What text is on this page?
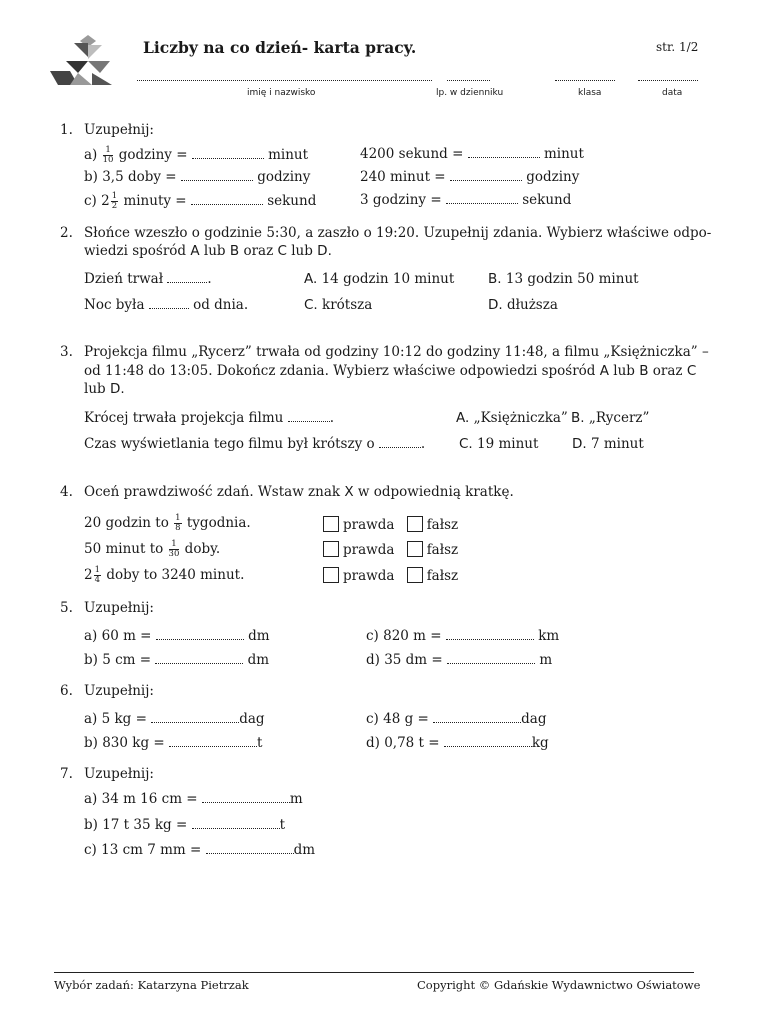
Liczby na co dzień- karta pracy.	str. 1/2
imię i nazwisko	lp. w dzienniku	klasa	data
1. Uzupełnij:
$a) \frac{1}{10}$ godziny =	minut	4200 sekund =	minut
b) 3,5 doby =	godziny	240 minut =	godziny
c) $2 \frac{1}{2}$ minuty =	sekund	3 godziny =	sekund
2. Słońce wzeszło o godzinie 5:30, a zaszło o 19:20. Uzupełnij zdania. Wybierz właściwe odpo-
wiedzi spośród A lub B oraz C lub D.
Dzień trwał	.	A. 14 godzin 10 minut B. 13 godzin 50 minut
Noc była	od dnia.	C. krótsza	D. dłuższa
3. Projekcja filmu „Rycerz” trwała od godziny 10:12 do godziny 11:48, a filmu „Księżniczka” –
od 11:48 do 13:05. Dokończ zdania. Wybierz właściwe odpowiedzi spośród A lub B oraz C
lub D.
Krócej trwała projekcja filmu	.	A. „Księżniczka” B. „Rycerz”
Czas wyświetlania tego filmu był krótszy o	.	C. 19 minut D. 7 minut
4. Oceń prawdziwość zdań. Wstaw znak X w odpowiednią kratkę.
20 godzin to $\frac{1}{8}$ tygodnia.	prawda fałsz
50 minut to $\frac{1}{30}$ doby.	prawda fałsz
$2 \frac{1}{4}$ doby to 3240 minut.	prawda fałsz
5. Uzupełnij:
a) 60 m =	dm	c) 820 m =	km
b) 5 cm =	dm	d) 35 dm =	m
6. Uzupełnij:
a) 5 kg =	dag	c) 48 g =	dag
b) 830 kg =	t	d) 0,78 t =	kg
7. Uzupełnij:
a) 34 m 16 cm =	m
b) 17 t 35 kg =	t
c) 13 cm 7 mm =	dm
Wybór zadań: Katarzyna Pietrzak	Copyright © Gdańskie Wydawnictwo Oświatowe
